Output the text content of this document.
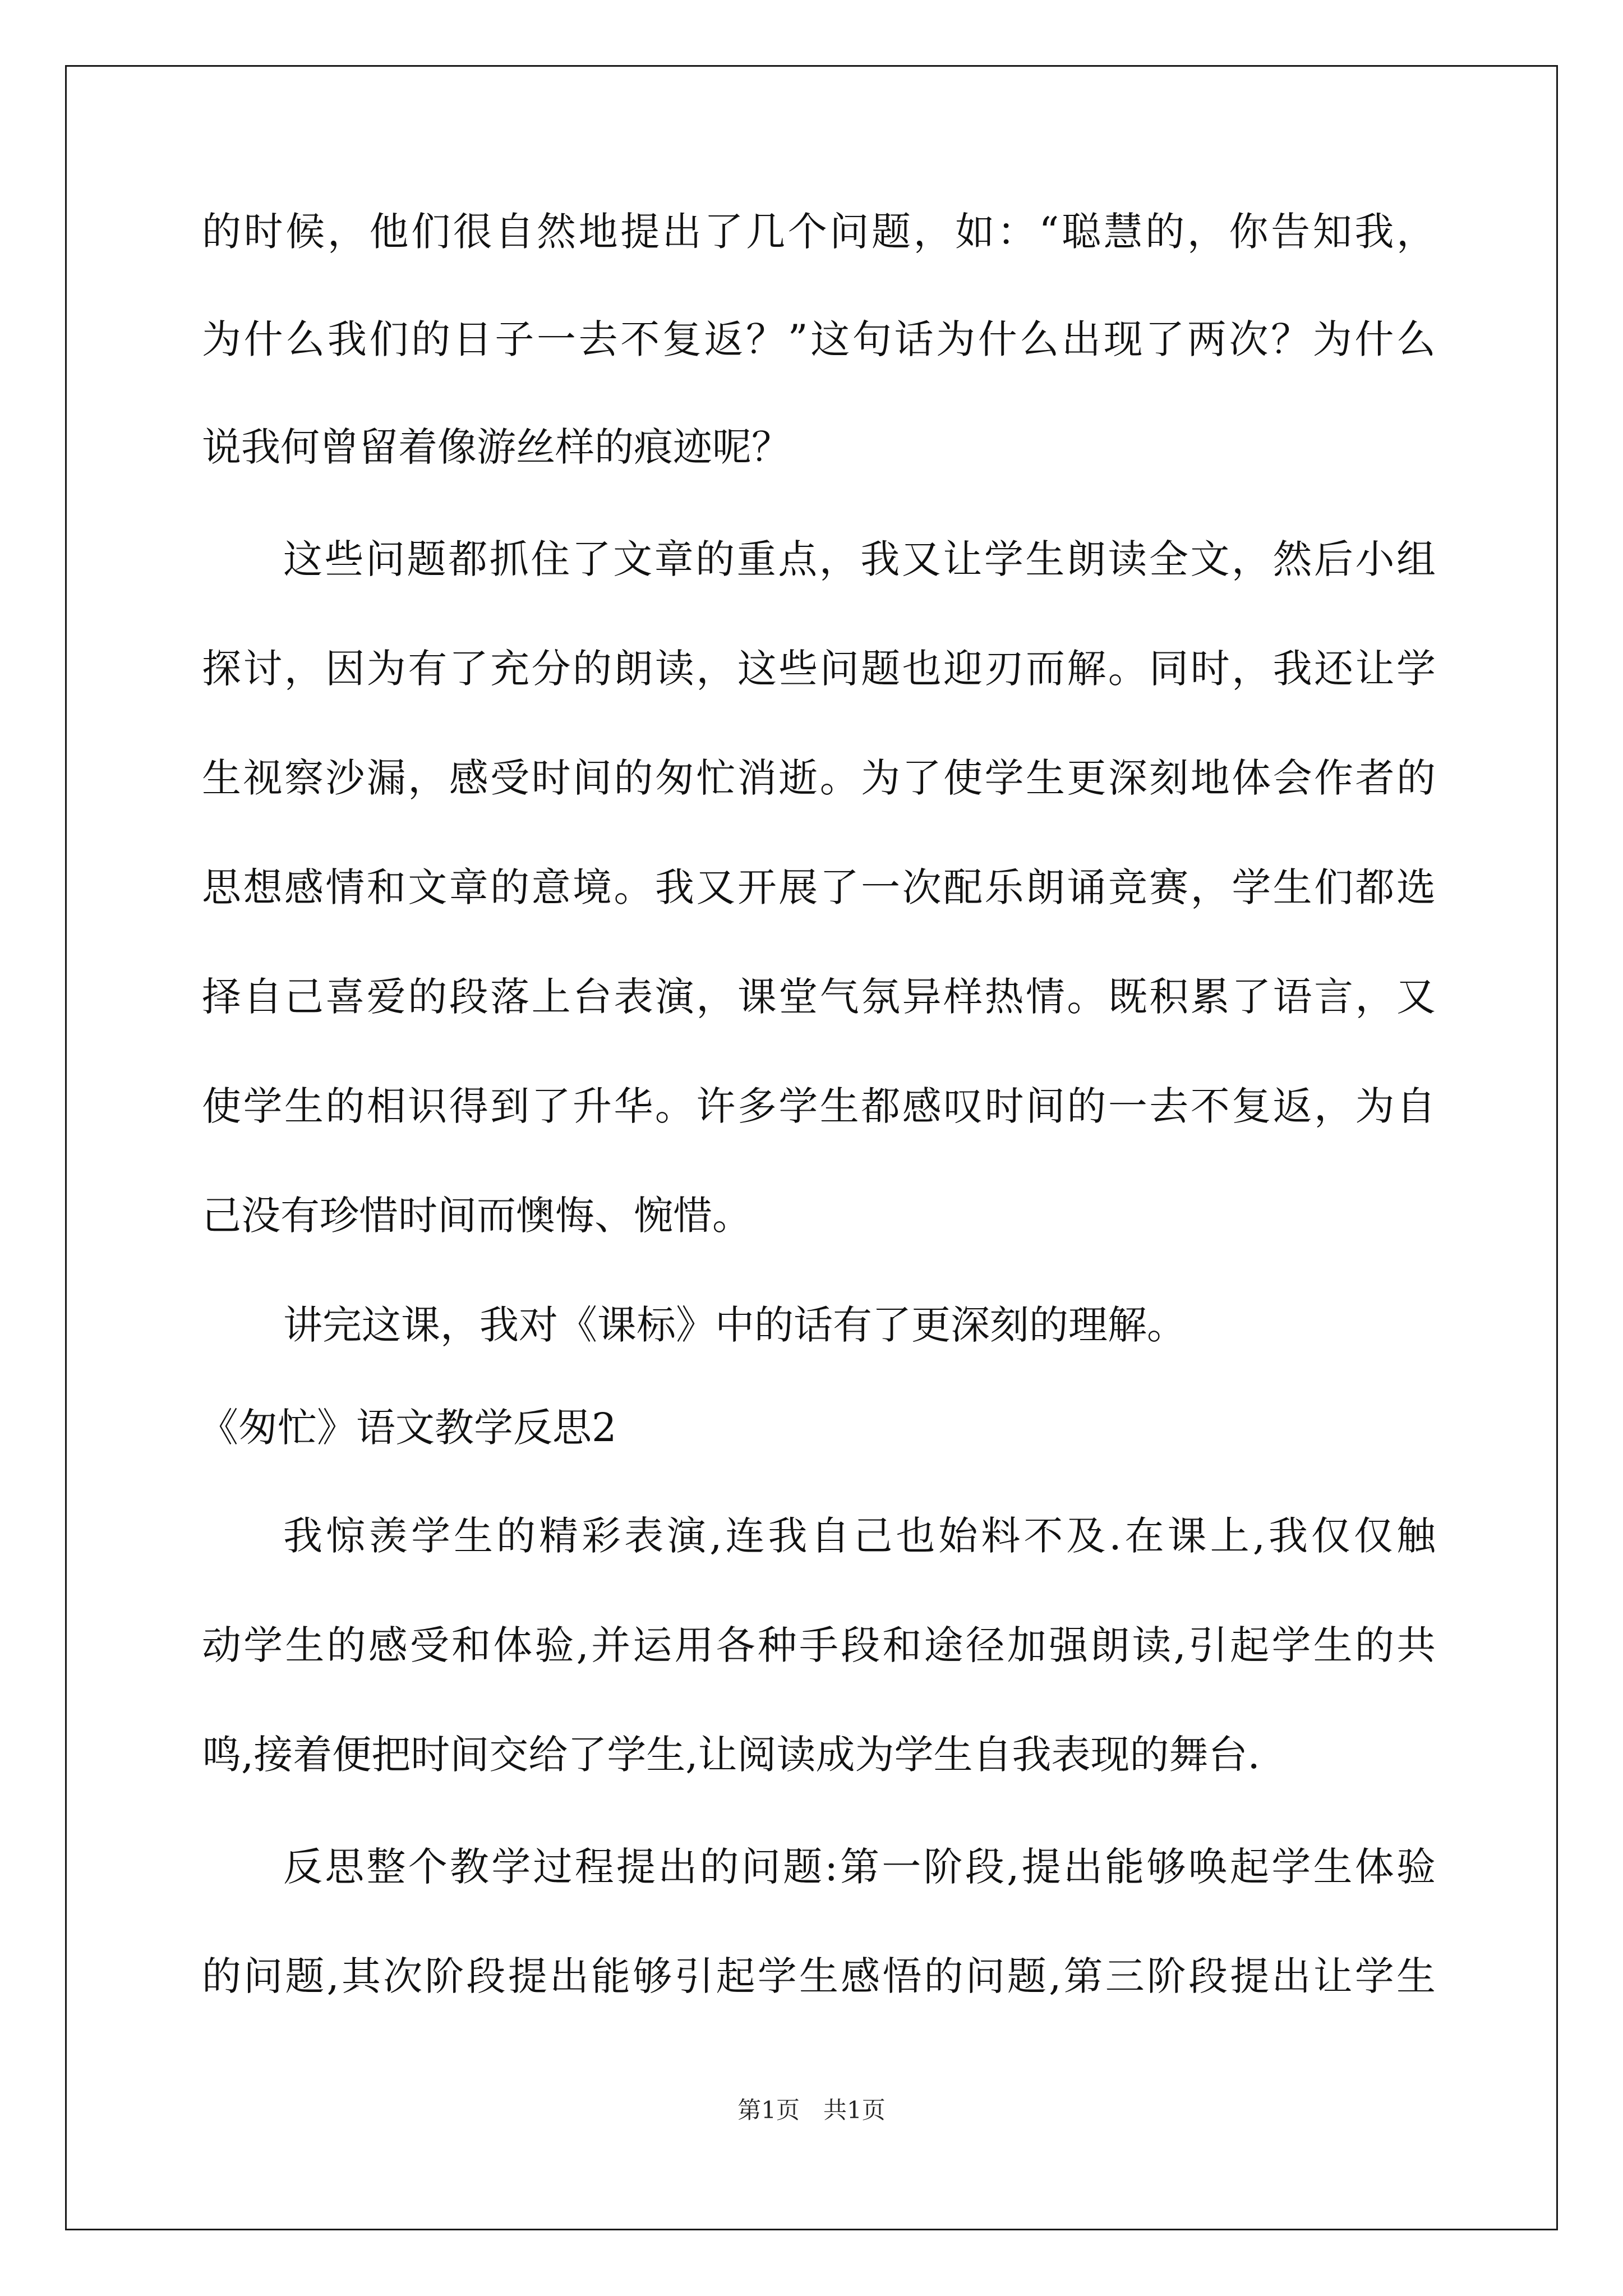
的时候，他们很自然地提出了几个问题，如：“聪慧的，你告知我，
为什么我们的日子一去不复返？”这句话为什么出现了两次？为什么
说我何曾留着像游丝样的痕迹呢？
这些问题都抓住了文章的重点，我又让学生朗读全文，然后小组
探讨，因为有了充分的朗读，这些问题也迎刃而解。同时，我还让学
生视察沙漏，感受时间的匆忙消逝。为了使学生更深刻地体会作者的
思想感情和文章的意境。我又开展了一次配乐朗诵竞赛，学生们都选
择自己喜爱的段落上台表演，课堂气氛异样热情。既积累了语言，又
使学生的相识得到了升华。许多学生都感叹时间的一去不复返，为自
己没有珍惜时间而懊悔、惋惜。
讲完这课，我对《课标》中的话有了更深刻的理解。
《匆忙》语文教学反思2
我惊羡学生的精彩表演,连我自己也始料不及.在课上,我仅仅触
动学生的感受和体验,并运用各种手段和途径加强朗读,引起学生的共
鸣,接着便把时间交给了学生,让阅读成为学生自我表现的舞台.
反思整个教学过程提出的问题:第一阶段,提出能够唤起学生体验
的问题,其次阶段提出能够引起学生感悟的问题,第三阶段提出让学生
第1页　共1页
